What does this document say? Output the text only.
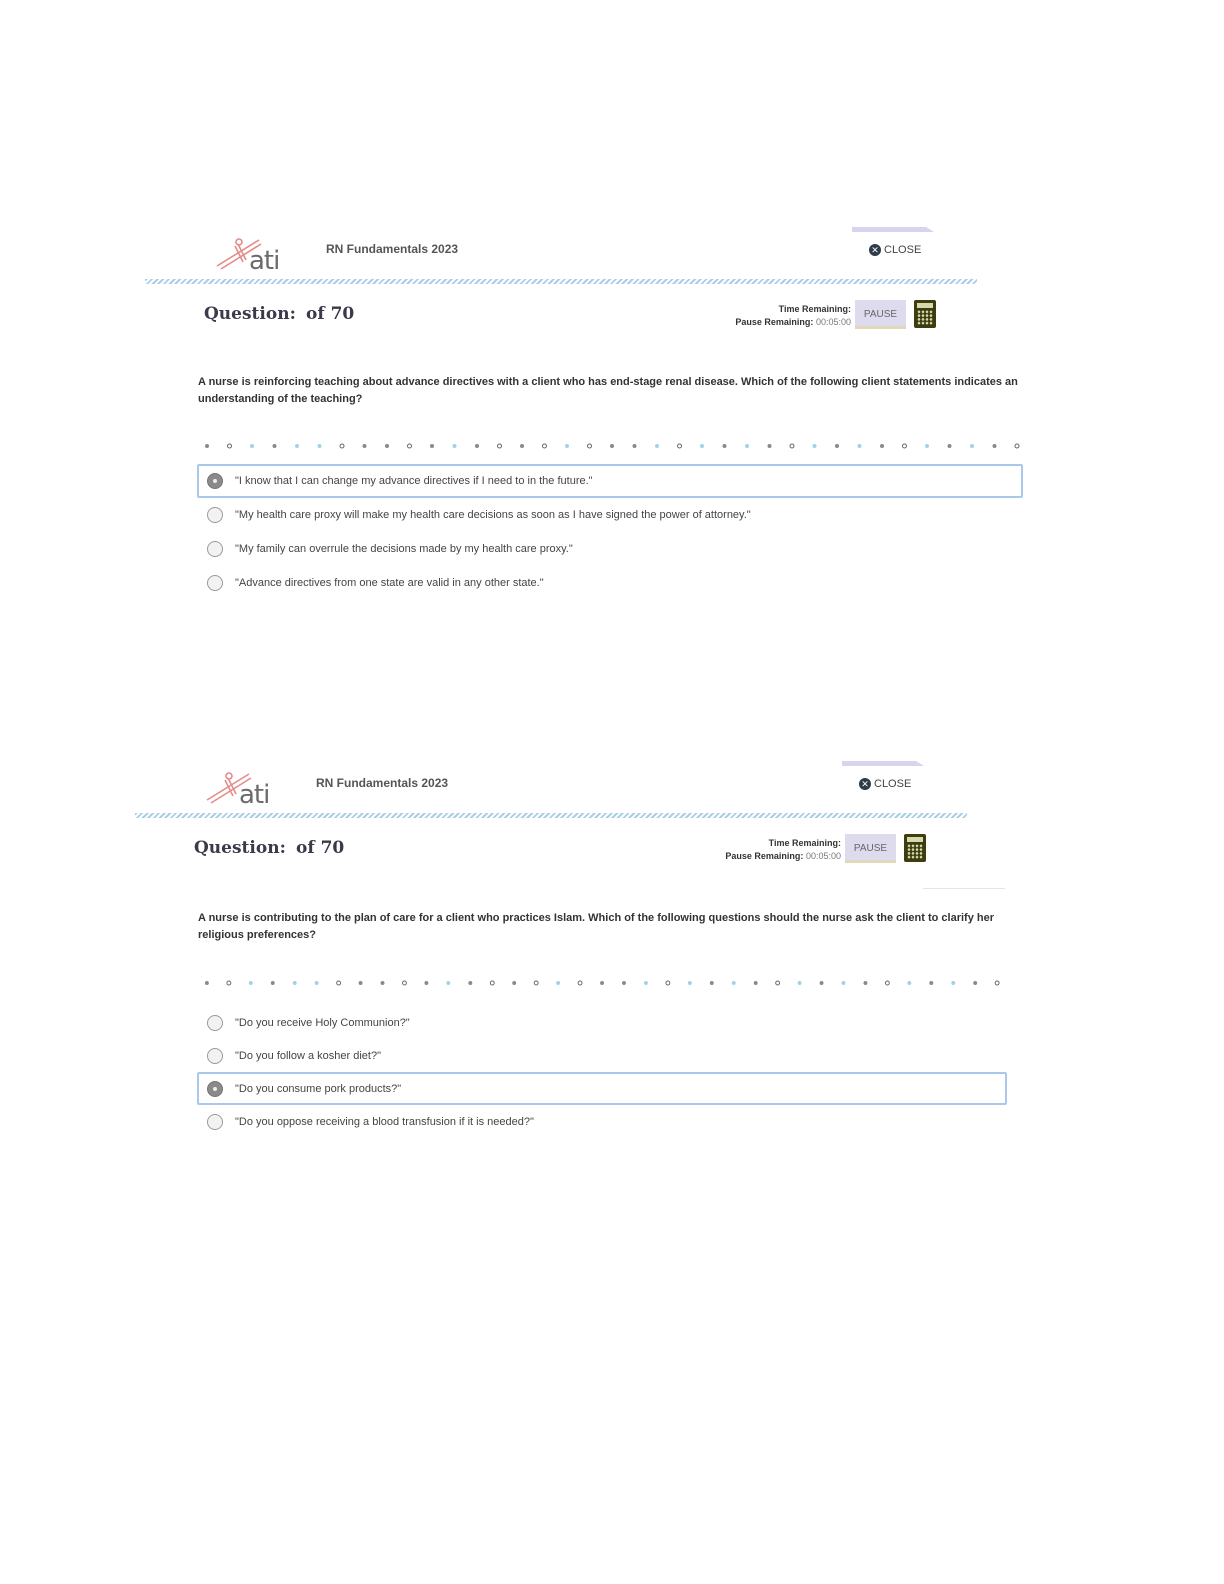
ati	RN Fundamentals 2023	✕ CLOSE
Question: of 70	Time Remaining:
Pause Remaining: 00:05:00
PAUSE
A nurse is reinforcing teaching about advance directives with a client who has end-stage renal disease. Which of the following client statements indicates an understanding of the teaching?
"I know that I can change my advance directives if I need to in the future."
"My health care proxy will make my health care decisions as soon as I have signed the power of attorney."
"My family can overrule the decisions made by my health care proxy."
"Advance directives from one state are valid in any other state."
ati	RN Fundamentals 2023	✕ CLOSE
Question: of 70	Time Remaining:
Pause Remaining: 00:05:00
PAUSE
A nurse is contributing to the plan of care for a client who practices Islam. Which of the following questions should the nurse ask the client to clarify her religious preferences?
"Do you receive Holy Communion?"
"Do you follow a kosher diet?"
"Do you consume pork products?"
"Do you oppose receiving a blood transfusion if it is needed?"
